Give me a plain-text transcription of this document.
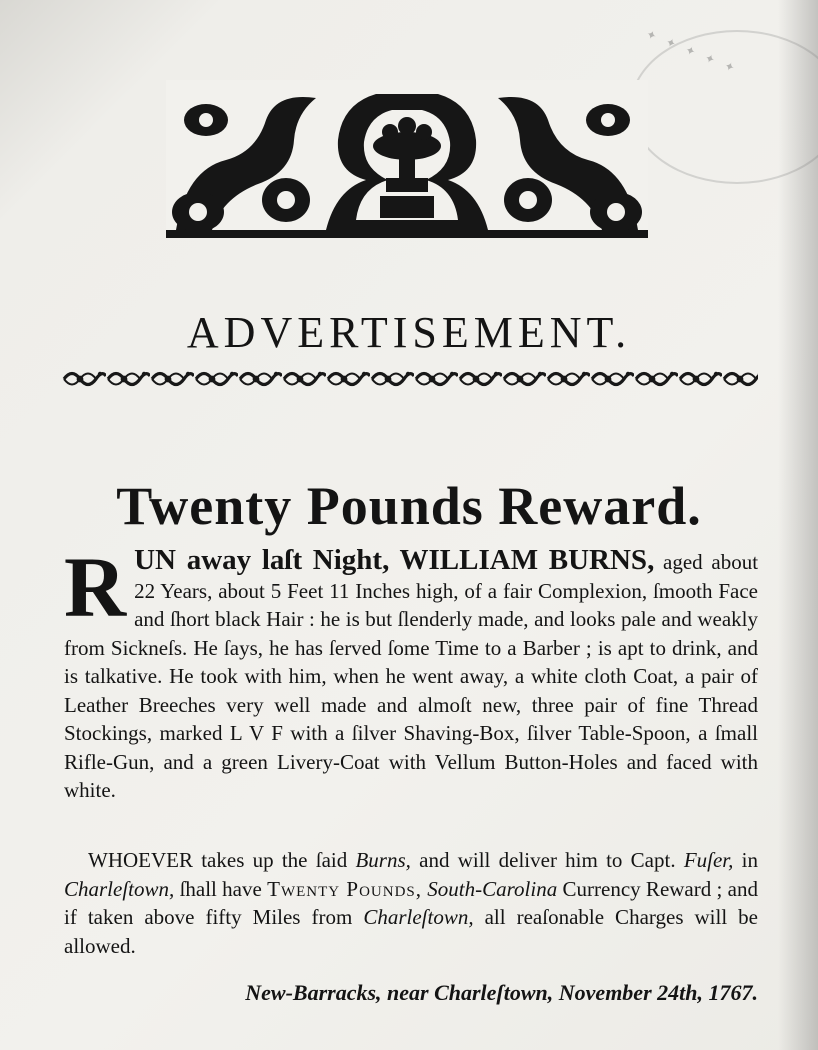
✦ ✦ ✦ ✦ ✦
ADVERTISEMENT.
Twenty Pounds Reward.
R UN away laſt Night, WILLIAM BURNS, aged about 22 Years, about 5 Feet 11 Inches high, of a fair Complexion, ſmooth Face and ſhort black Hair : he is but ſlenderly made, and looks pale and weakly from Sickneſs. He ſays, he has ſerved ſome Time to a Barber ; is apt to drink, and is talkative. He took with him, when he went away, a white cloth Coat, a pair of Leather Breeches very well made and almoſt new, three pair of fine Thread Stockings, marked L V F with a ſilver Shaving-Box, ſilver Table-Spoon, a ſmall Rifle-Gun, and a green Livery-Coat with Vellum Button-Holes and faced with white.
WHOEVER takes up the ſaid Burns, and will deliver him to Capt. Fuſer, in Charleſtown, ſhall have Twenty Pounds, South-Carolina Currency Reward ; and if taken above fifty Miles from Charleſtown, all reaſonable Charges will be allowed.
New-Barracks, near Charleſtown, November 24th, 1767.
